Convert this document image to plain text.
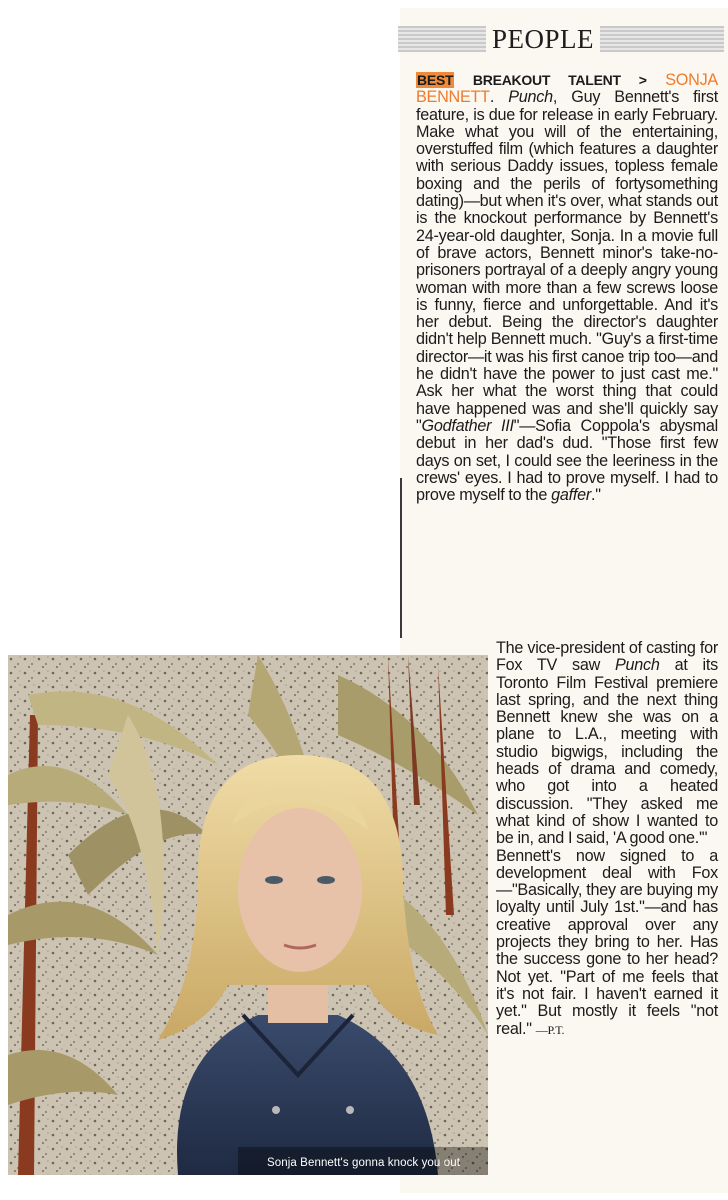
PEOPLE

BEST BREAKOUT TALENT > SONJA BENNETT. Punch, Guy Bennett's first feature, is due for release in early February. Make what you will of the entertaining, overstuffed film (which features a daughter with serious Daddy issues, topless female boxing and the perils of fortysomething dating)—but when it's over, what stands out is the knockout performance by Bennett's 24-year-old daughter, Sonja. In a movie full of brave actors, Bennett minor's take-no-prisoners portrayal of a deeply angry young woman with more than a few screws loose is funny, fierce and unforgettable. And it's her debut. Being the director's daughter didn't help Bennett much. "Guy's a first-time director—it was his first canoe trip too—and he didn't have the power to just cast me." Ask her what the worst thing that could have happened was and she'll quickly say "Godfather III"—Sofia Coppola's abysmal debut in her dad's dud. "Those first few days on set, I could see the leeriness in the crews' eyes. I had to prove myself. I had to prove myself to the gaffer."

The vice-president of casting for Fox TV saw Punch at its Toronto Film Festival premiere last spring, and the next thing Bennett knew she was on a plane to L.A., meeting with studio bigwigs, including the heads of drama and comedy, who got into a heated discussion. "They asked me what kind of show I wanted to be in, and I said, 'A good one.'"

Bennett's now signed to a development deal with Fox—"Basically, they are buying my loyalty until July 1st."—and has creative approval over any projects they bring to her. Has the success gone to her head? Not yet. "Part of me feels that it's not fair. I haven't earned it yet." But mostly it feels "not real." —P.T.

Sonja Bennett's gonna knock you out
